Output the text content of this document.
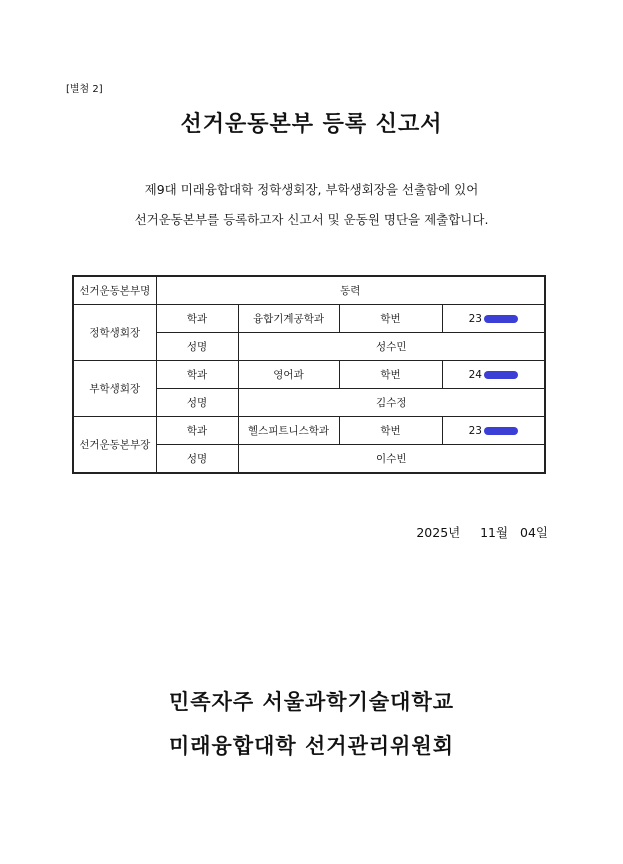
[별첨 2]
선거운동본부 등록 신고서
제9대 미래융합대학 정학생회장, 부학생회장을 선출함에 있어
선거운동본부를 등록하고자 신고서 및 운동원 명단을 제출합니다.
선거운동본부명	동력			
정학생회장	학과	융합기계공학과	학번	23

	성명	성수민		
부학생회장	학과	영어과	학번	24

	성명	김수정		
선거운동본부장	학과	헬스피트니스학과	학번	23

	성명	이수빈		
2025년 11월 04일
민족자주 서울과학기술대학교
미래융합대학 선거관리위원회
